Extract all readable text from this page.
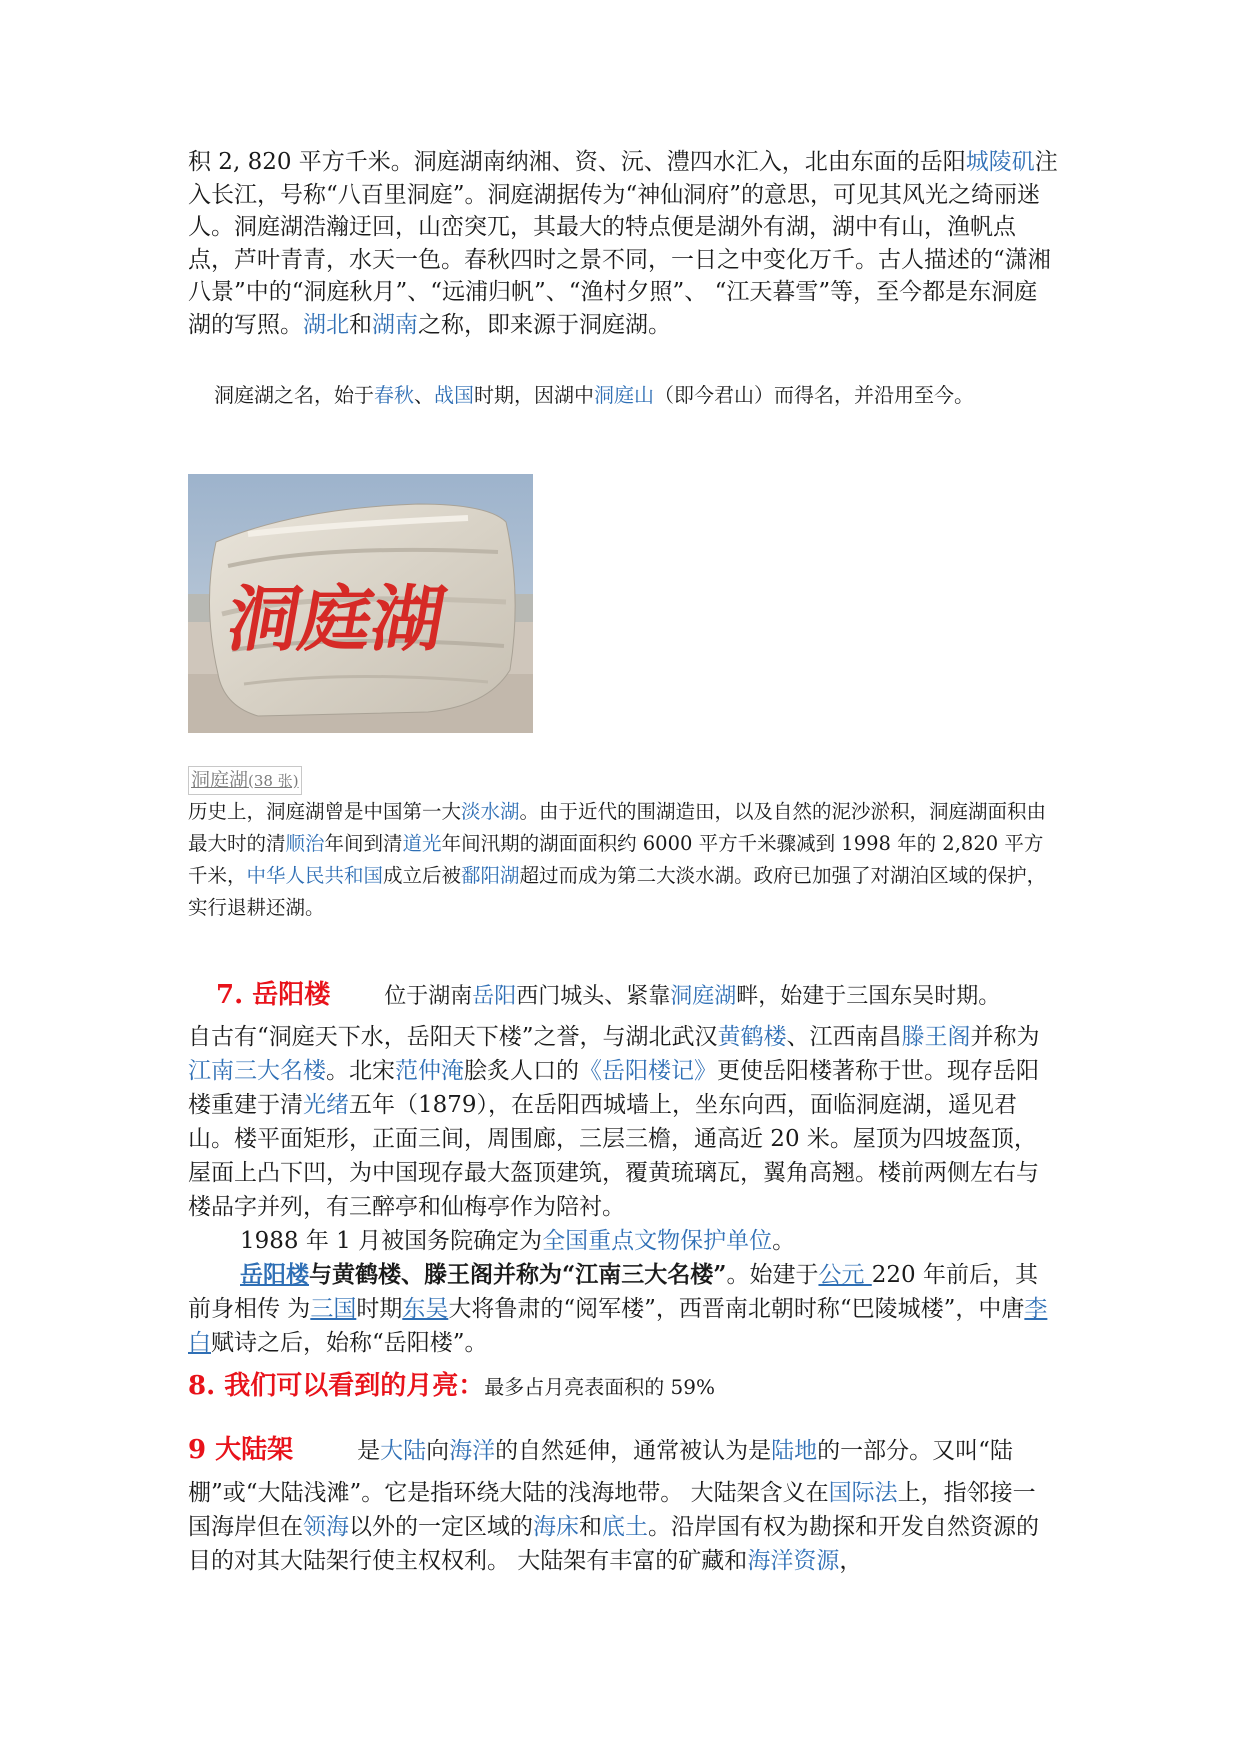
积 2, 820 平方千米。洞庭湖南纳湘、资、沅、澧四水汇入，北由东面的岳阳城陵矶注入长江，号称“八百里洞庭”。洞庭湖据传为“神仙洞府”的意思，可见其风光之绮丽迷人。洞庭湖浩瀚迂回，山峦突兀，其最大的特点便是湖外有湖，湖中有山，渔帆点点，芦叶青青，水天一色。春秋四时之景不同，一日之中变化万千。古人描述的“潇湘八景”中的“洞庭秋月”、“远浦归帆”、“渔村夕照”、 “江天暮雪”等，至今都是东洞庭湖的写照。湖北和湖南之称，即来源于洞庭湖。

洞庭湖之名，始于春秋、战国时期，因湖中洞庭山（即今君山）而得名，并沿用至今。

洞庭湖
洞庭湖(38 张)

历史上，洞庭湖曾是中国第一大淡水湖。由于近代的围湖造田，以及自然的泥沙淤积，洞庭湖面积由最大时的清顺治年间到清道光年间汛期的湖面面积约 6000 平方千米骤减到 1998 年的 2,820 平方千米，中华人民共和国成立后被鄱阳湖超过而成为第二大淡水湖。政府已加强了对湖泊区域的保护，实行退耕还湖。

7. 岳阳楼 位于湖南岳阳西门城头、紧靠洞庭湖畔，始建于三国东吴时期。

自古有“洞庭天下水，岳阳天下楼”之誉，与湖北武汉黄鹤楼、江西南昌滕王阁并称为江南三大名楼。北宋范仲淹脍炙人口的《岳阳楼记》更使岳阳楼著称于世。现存岳阳楼重建于清光绪五年（1879），在岳阳西城墙上，坐东向西，面临洞庭湖，遥见君山。楼平面矩形，正面三间，周围廊，三层三檐，通高近 20 米。屋顶为四坡盔顶，屋面上凸下凹，为中国现存最大盔顶建筑，覆黄琉璃瓦，翼角高翘。楼前两侧左右与楼品字并列，有三醉亭和仙梅亭作为陪衬。

1988 年 1 月被国务院确定为全国重点文物保护单位。

岳阳楼与黄鹤楼、滕王阁并称为“江南三大名楼”。始建于公元 220 年前后，其前身相传 为三国时期东吴大将鲁肃的“阅军楼”，西晋南北朝时称“巴陵城楼”，中唐李白赋诗之后，始称“岳阳楼”。

8. 我们可以看到的月亮：最多占月亮表面积的 59%
9 大陆架	是大陆向海洋的自然延伸，通常被认为是陆地的一部分。又叫“陆

棚”或“大陆浅滩”。它是指环绕大陆的浅海地带。 大陆架含义在国际法上，指邻接一国海岸但在领海以外的一定区域的海床和底土。沿岸国有权为勘探和开发自然资源的目的对其大陆架行使主权权利。 大陆架有丰富的矿藏和海洋资源，
